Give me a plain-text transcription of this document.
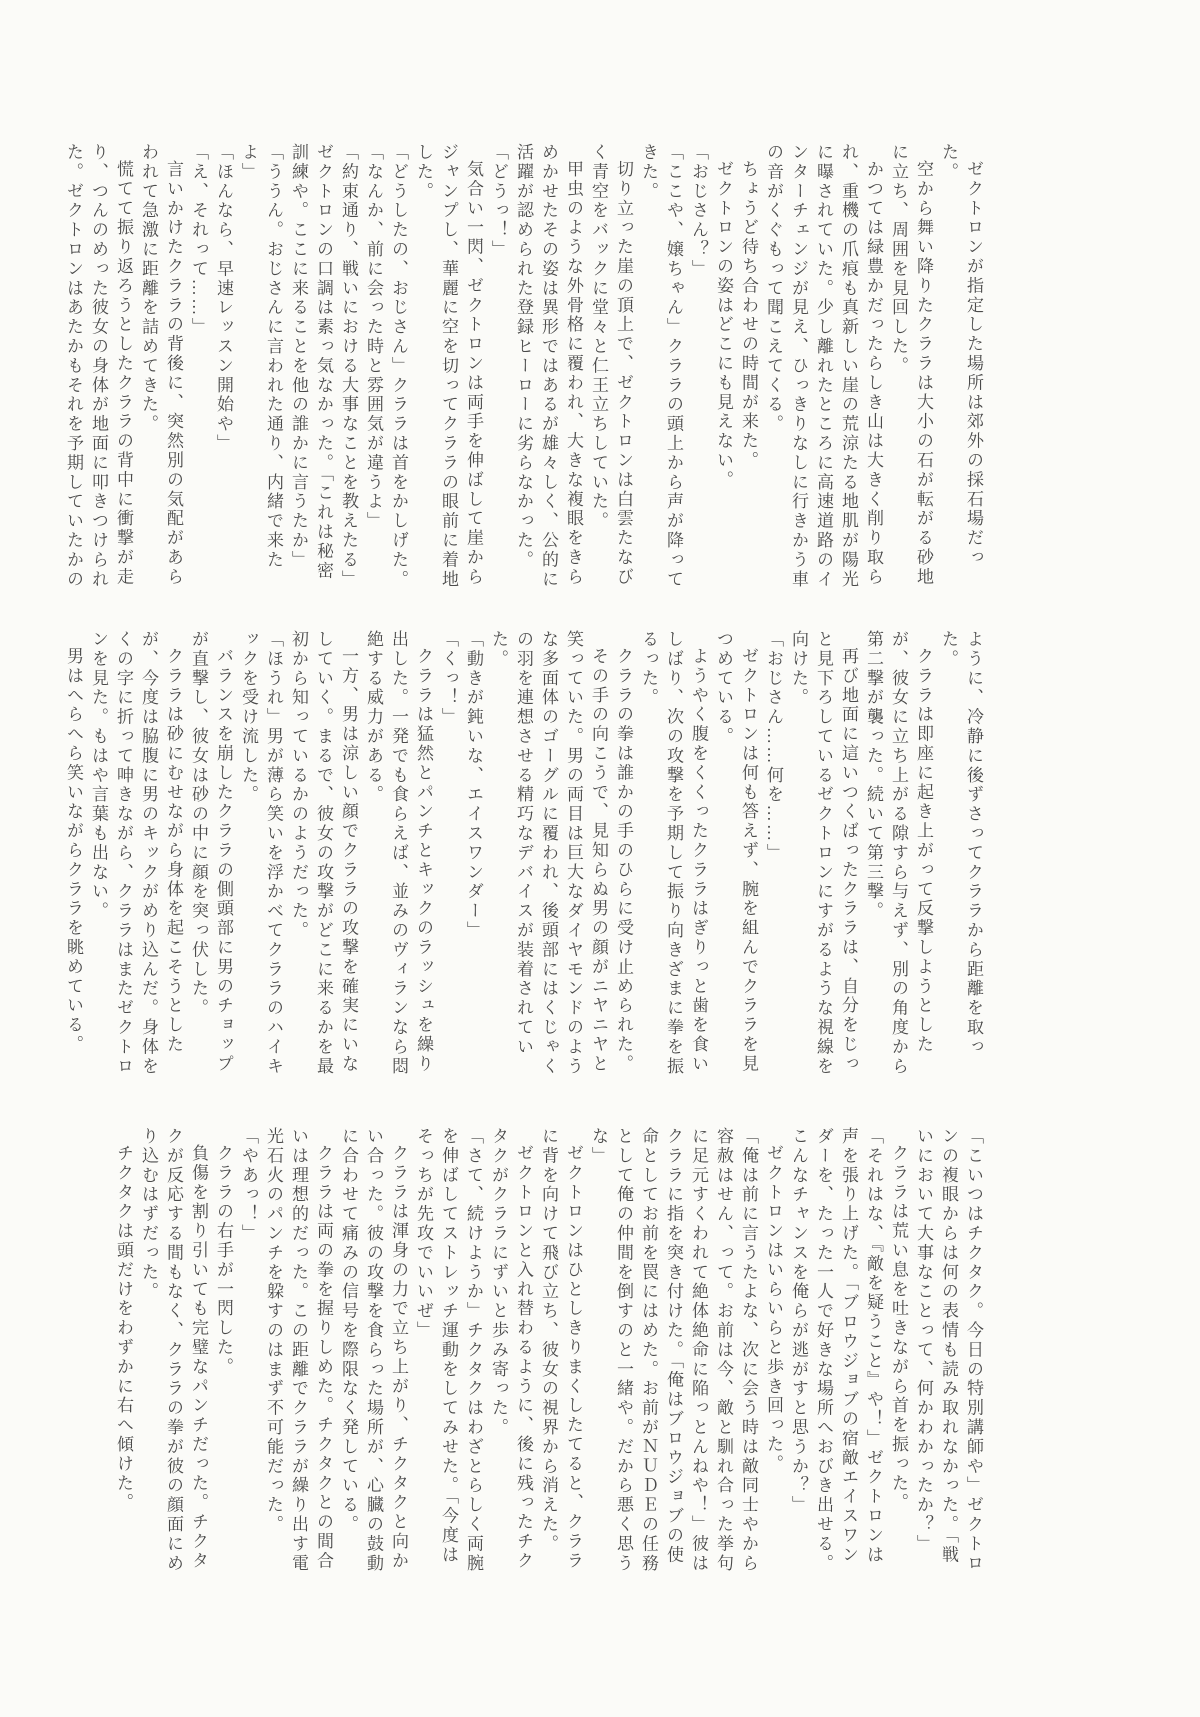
ゼクトロンが指定した場所は郊外の採石場だった。

空から舞い降りたクララは大小の石が転がる砂地に立ち、周囲を見回した。

かつては緑豊かだったらしき山は大きく削り取られ、重機の爪痕も真新しい崖の荒涼たる地肌が陽光に曝されていた。少し離れたところに高速道路のインターチェンジが見え、ひっきりなしに行きかう車の音がくぐもって聞こえてくる。

ちょうど待ち合わせの時間が来た。

ゼクトロンの姿はどこにも見えない。

「おじさん？」

「ここや、嬢ちゃん」クララの頭上から声が降ってきた。

切り立った崖の頂上で、ゼクトロンは白雲たなびく青空をバックに堂々と仁王立ちしていた。

甲虫のような外骨格に覆われ、大きな複眼をきらめかせたその姿は異形ではあるが雄々しく、公的に活躍が認められた登録ヒーローに劣らなかった。

「どうっ！」

気合い一閃、ゼクトロンは両手を伸ばして崖からジャンプし、華麗に空を切ってクララの眼前に着地した。

「どうしたの、おじさん」クララは首をかしげた。

「なんか、前に会った時と雰囲気が違うよ」

「約束通り、戦いにおける大事なことを教えたる」ゼクトロンの口調は素っ気なかった。「これは秘密訓練や。ここに来ることを他の誰かに言うたか」

「ううん。おじさんに言われた通り、内緒で来たよ」

「ほんなら、早速レッスン開始や」

「え、それって……」

言いかけたクララの背後に、突然別の気配があらわれて急激に距離を詰めてきた。

慌てて振り返ろうとしたクララの背中に衝撃が走り、つんのめった彼女の身体が地面に叩きつけられた。ゼクトロンはあたかもそれを予期していたかの

ように、冷静に後ずさってクララから距離を取った。

クララは即座に起き上がって反撃しようとしたが、彼女に立ち上がる隙すら与えず、別の角度から第二撃が襲った。続いて第三撃。

再び地面に這いつくばったクララは、自分をじっと見下ろしているゼクトロンにすがるような視線を向けた。

「おじさん……何を……」

ゼクトロンは何も答えず、腕を組んでクララを見つめている。

ようやく腹をくくったクララはぎりっと歯を食いしばり、次の攻撃を予期して振り向きざまに拳を振るった。

クララの拳は誰かの手のひらに受け止められた。

その手の向こうで、見知らぬ男の顔がニヤニヤと笑っていた。男の両目は巨大なダイヤモンドのような多面体のゴーグルに覆われ、後頭部にはくじゃくの羽を連想させる精巧なデバイスが装着されていた。

「動きが鈍いな、エイスワンダー」

「くっ！」

クララは猛然とパンチとキックのラッシュを繰り出した。一発でも食らえば、並みのヴィランなら悶絶する威力がある。

一方、男は涼しい顔でクララの攻撃を確実にいなしていく。まるで、彼女の攻撃がどこに来るかを最初から知っているかのようだった。

「ほうれ」男が薄ら笑いを浮かべてクララのハイキックを受け流した。

バランスを崩したクララの側頭部に男のチョップが直撃し、彼女は砂の中に顔を突っ伏した。

クララは砂にむせながら身体を起こそうとしたが、今度は脇腹に男のキックがめり込んだ。身体をくの字に折って呻きながら、クララはまたゼクトロンを見た。もはや言葉も出ない。

男はへらへら笑いながらクララを眺めている。

「こいつはチクタク。今日の特別講師や」ゼクトロンの複眼からは何の表情も読み取れなかった。「戦いにおいて大事なことって、何かわかったか？」

クララは荒い息を吐きながら首を振った。

「それはな、『敵を疑うこと』や！」ゼクトロンは声を張り上げた。「ブロウジョブの宿敵エイスワンダーを、たった一人で好きな場所へおびき出せる。こんなチャンスを俺らが逃がすと思うか？」

ゼクトロンはいらいらと歩き回った。

「俺は前に言うたよな、次に会う時は敵同士やから容赦はせん、って。お前は今、敵と馴れ合った挙句に足元すくわれて絶体絶命に陥っとんねや！」彼はクララに指を突き付けた。「俺はブロウジョブの使命としてお前を罠にはめた。お前がＮＵＤＥの任務として俺の仲間を倒すのと一緒や。だから悪く思うな」

ゼクトロンはひとしきりまくしたてると、クララに背を向けて飛び立ち、彼女の視界から消えた。

ゼクトロンと入れ替わるように、後に残ったチクタクがクララにずいと歩み寄った。

「さて、続けようか」チクタクはわざとらしく両腕を伸ばしてストレッチ運動をしてみせた。「今度はそっちが先攻でいいぜ」

クララは渾身の力で立ち上がり、チクタクと向かい合った。彼の攻撃を食らった場所が、心臓の鼓動に合わせて痛みの信号を際限なく発している。

クララは両の拳を握りしめた。チクタクとの間合いは理想的だった。この距離でクララが繰り出す電光石火のパンチを躱すのはまず不可能だった。

「やあっ！」

クララの右手が一閃した。

負傷を割り引いても完璧なパンチだった。チクタクが反応する間もなく、クララの拳が彼の顔面にめり込むはずだった。

チクタクは頭だけをわずかに右へ傾けた。
